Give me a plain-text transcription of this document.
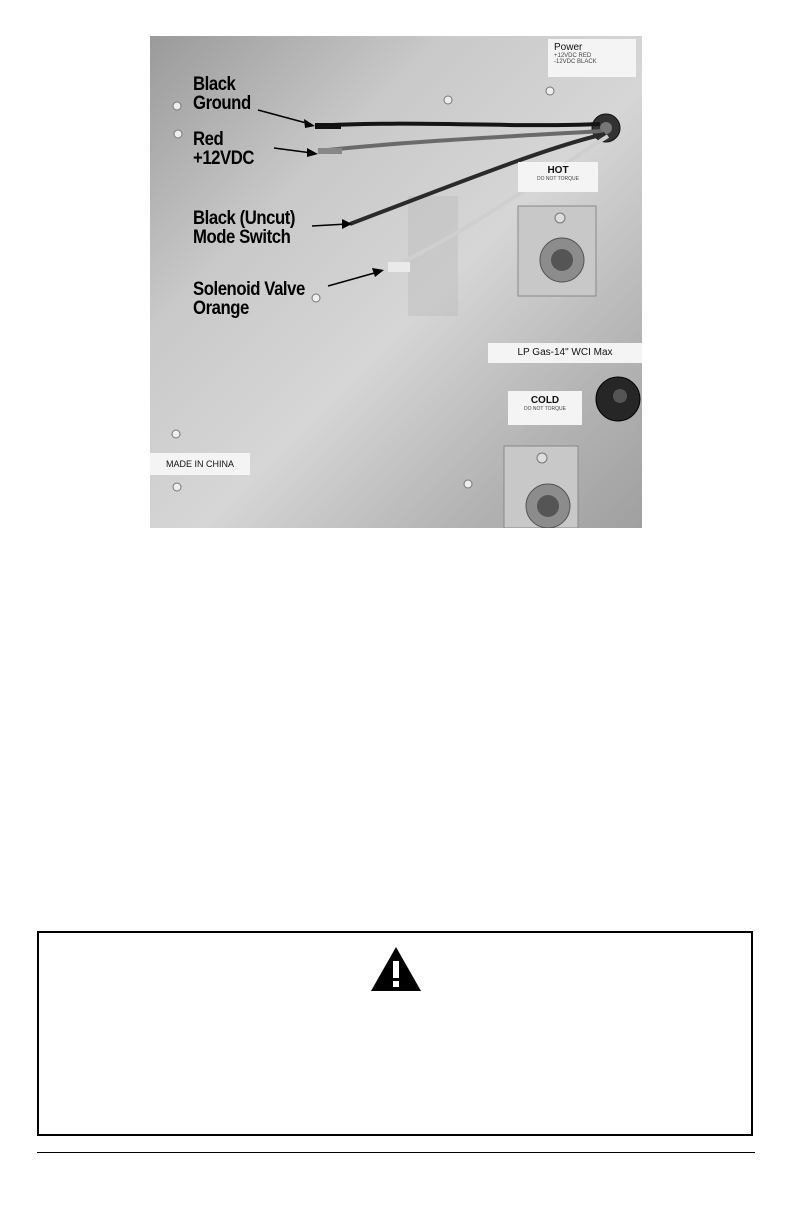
Black
Ground
Red
+12VDC
Black (Uncut)
Mode Switch
Solenoid Valve
Orange
Power
+12VDC RED
-12VDC BLACK
HOT
DO NOT TORQUE
LP Gas-14" WCI Max
COLD
DO NOT TORQUE
MADE IN CHINA
